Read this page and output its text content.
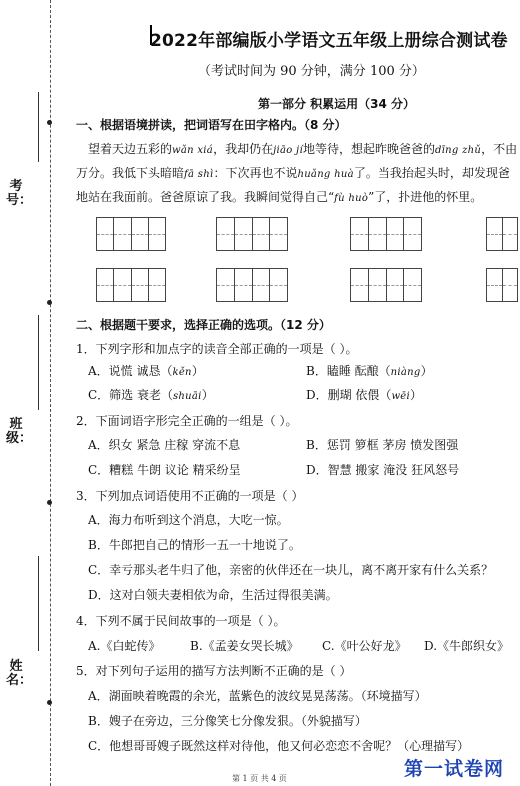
考号：
班级：
姓名：
2022年部编版小学语文五年级上册综合测试卷
（考试时间为 90 分钟，满分 100 分）
第一部分 积累运用（34 分）
一、根据语境拼读，把词语写在田字格内。（8 分）
望着天边五彩的wǎn xiá，我却仍在jiāo jí地等待，想起昨晚爸爸的dīng zhǔ，不由
万分。我低下头暗暗fā shì：下次再也不说huǎng huà了。当我抬起头时，却发现爸
地站在我面前。爸爸原谅了我。我瞬间觉得自己“fù huò”了，扑进他的怀里。
二、根据题干要求，选择正确的选项。（12 分）
1．下列字形和加点字的读音全部正确的一项是（ ）。
A．说慌 诚恳（kěn）	B．瞌睡 酝酿（niàng）
C．筛选 衰老（shuāi）	D．删瑚 依偎（wēi）
2．下面词语字形完全正确的一组是（ ）。
A．织女 紧急 庄稼 穿流不息	B．惩罚 箩框 茅房 愤发图强
C．糟糕 牛朗 议论 精采纷呈	D．智慧 搬家 淹没 狂风怒号
3．下列加点词语使用不正确的一项是（ ）
A．海力布听到这个消息，大吃一惊。
B．牛郎把自己的情形一五一十地说了。
C．幸亏那头老牛归了他，亲密的伙伴还在一块儿，离不离开家有什么关系？
D．这对白领夫妻相依为命，生活过得很美满。
4．下列不属于民间故事的一项是（ ）。
A.《白蛇传》 B.《孟姜女哭长城》 C.《叶公好龙》 D.《牛郎织女》
5．对下列句子运用的描写方法判断不正确的是（ ）
A．湖面映着晚霞的余光，蓝紫色的波纹晃晃荡荡。（环境描写）
B．嫂子在旁边，三分像笑七分像发狠。（外貌描写）
C．他想哥哥嫂子既然这样对待他，他又何必恋恋不舍呢？（心理描写）
第 1 页 共 4 页	第一试卷网
